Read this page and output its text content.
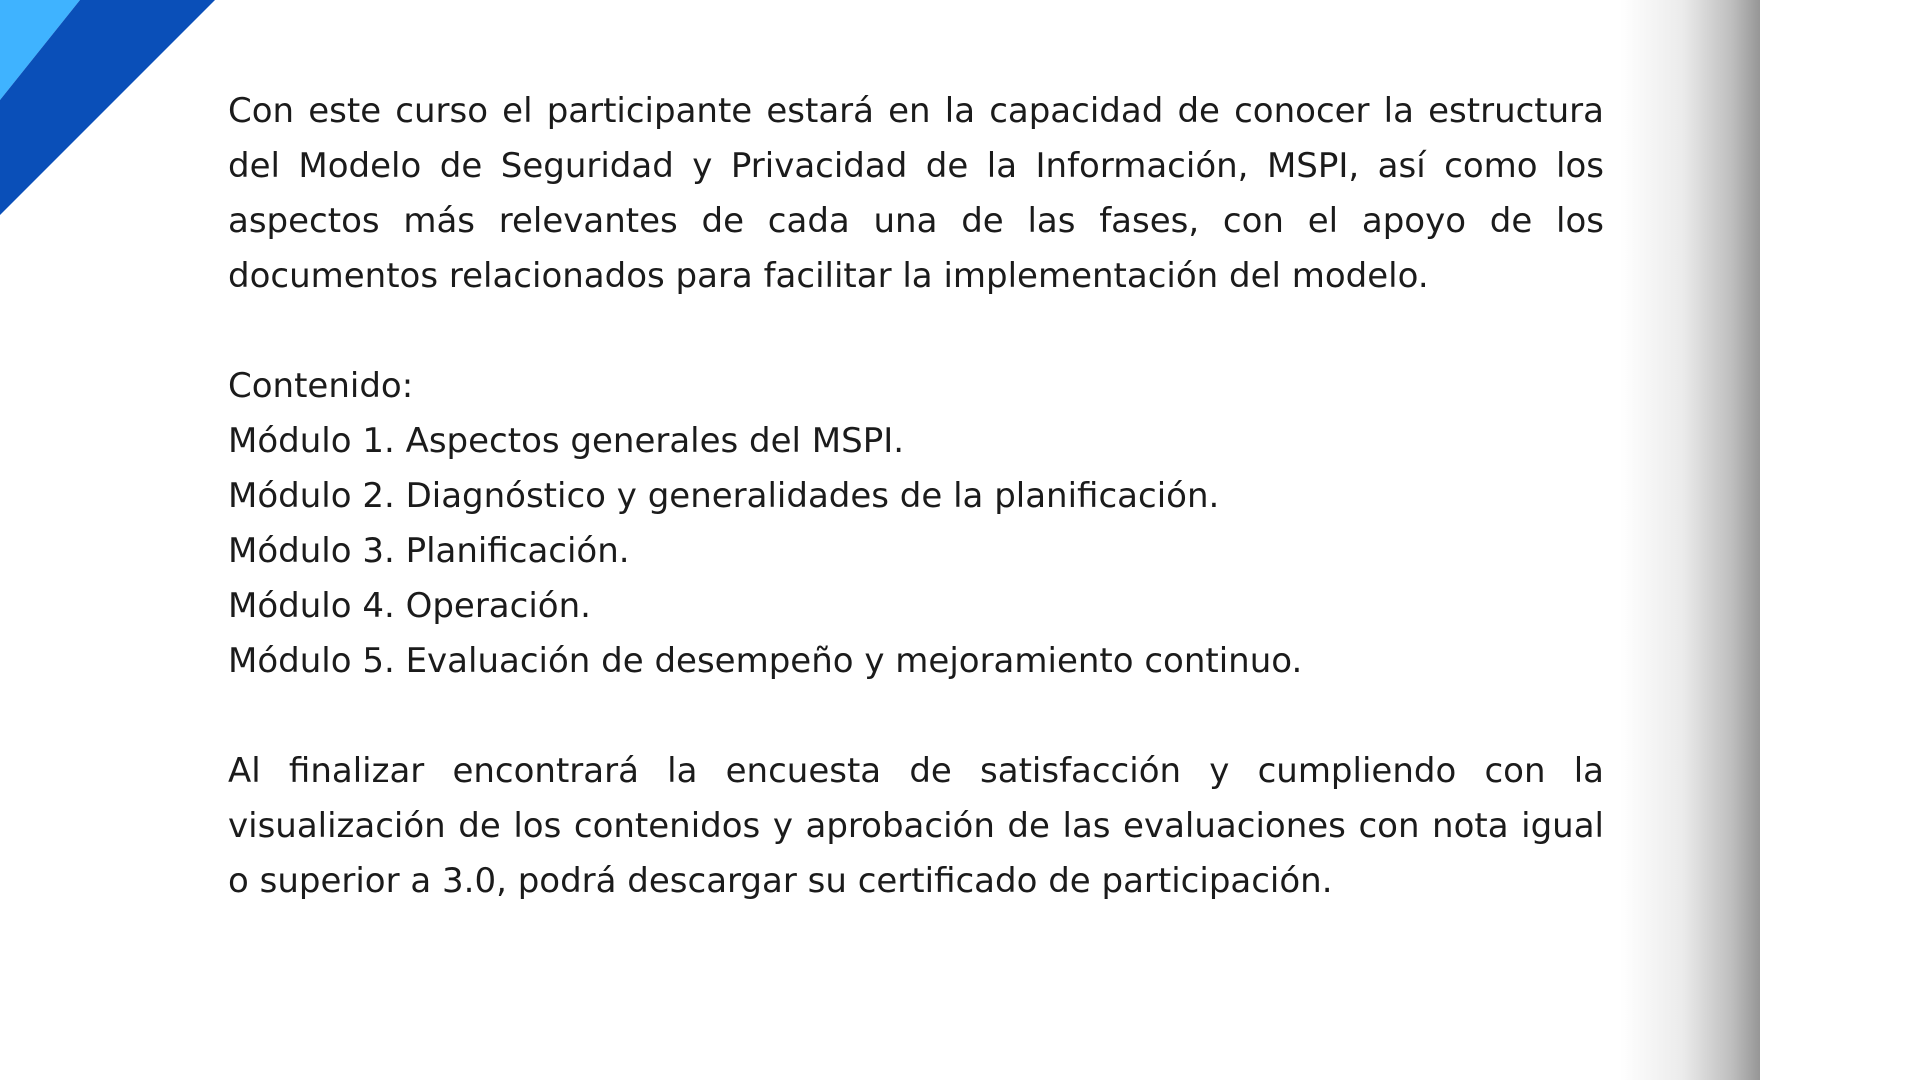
Con este curso el participante estará en la capacidad de conocer la estructura del Modelo de Seguridad y Privacidad de la Información, MSPI, así como los aspectos más relevantes de cada una de las fases, con el apoyo de los documentos relacionados para facilitar la implementación del modelo.

Contenido:

Módulo 1. Aspectos generales del MSPI.
Módulo 2. Diagnóstico y generalidades de la planificación.
Módulo 3. Planificación.
Módulo 4. Operación.
Módulo 5. Evaluación de desempeño y mejoramiento continuo.

Al finalizar encontrará la encuesta de satisfacción y cumpliendo con la visualización de los contenidos y aprobación de las evaluaciones con nota igual o superior a 3.0, podrá descargar su certificado de participación.
